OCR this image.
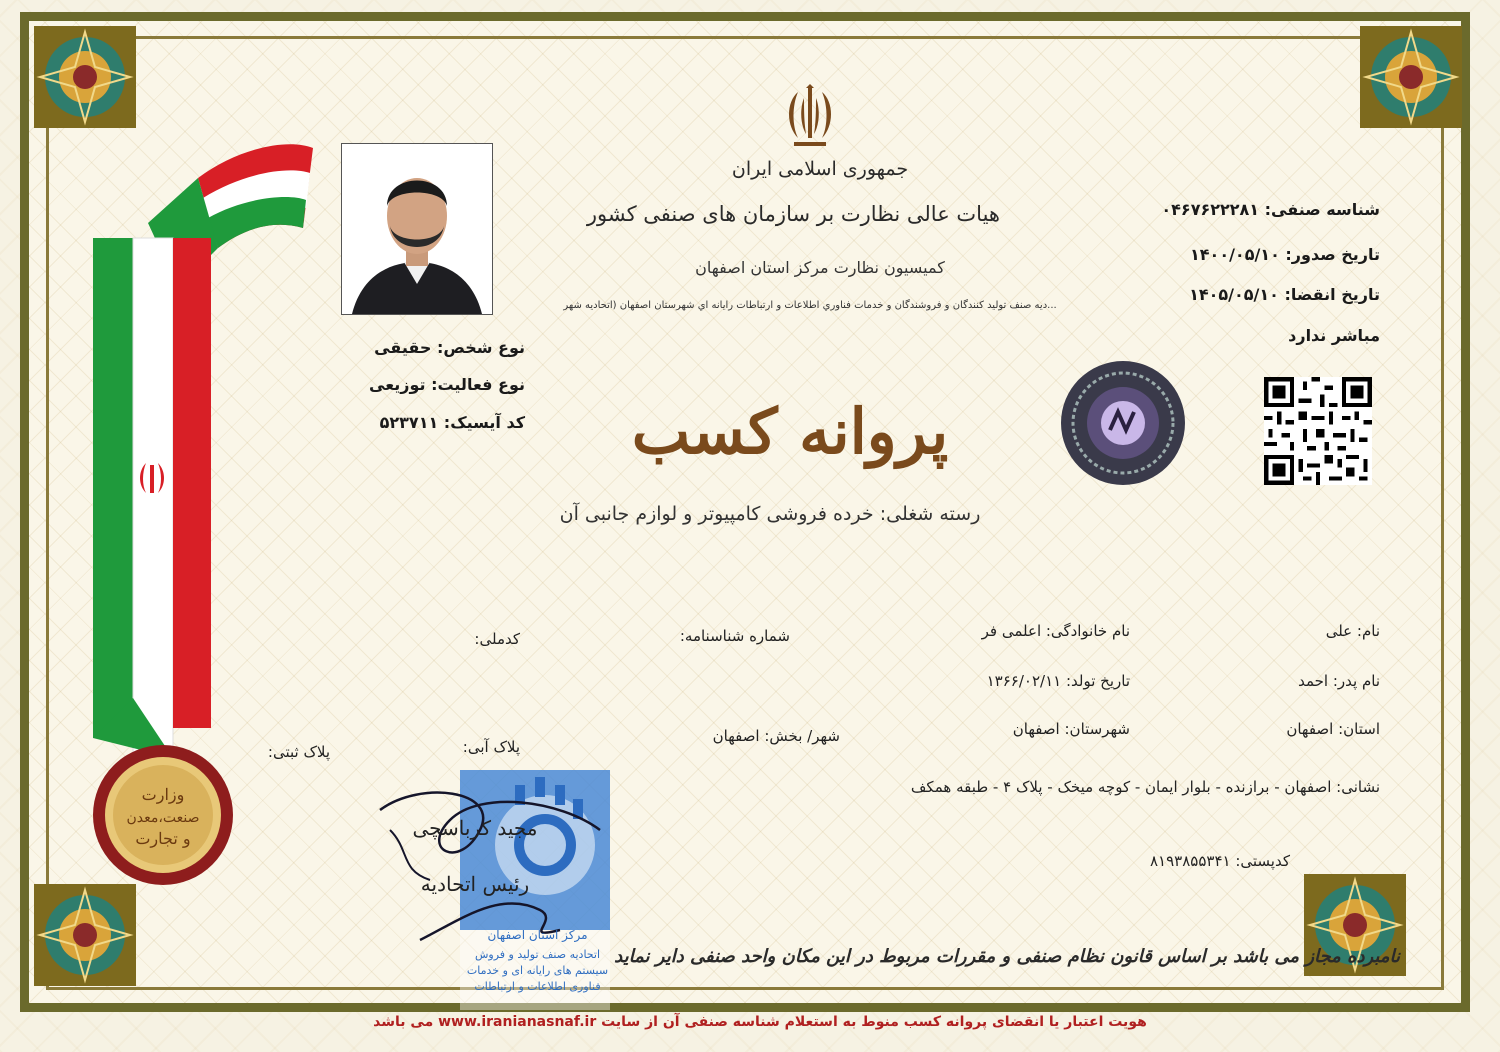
وزارت
صنعت،معدن
و تجارت
جمهوری اسلامی ایران
هیات عالی نظارت بر سازمان های صنفی کشور
کمیسیون نظارت مرکز استان اصفهان
...دیه صنف تولید کنندگان و فروشندگان و خدمات فناوري اطلاعات و ارتباطات رايانه اي شهرستان اصفهان (اتحادیه شهر
شناسه صنفی: ۰۴۶۷۶۲۲۲۸۱
تاریخ صدور: ۱۴۰۰/۰۵/۱۰
تاریخ انقضا: ۱۴۰۵/۰۵/۱۰
مباشر ندارد
نوع شخص: حقیقی
نوع فعالیت: توزیعی
کد آیسیک: ۵۲۳۷۱۱	پروانه کسب
رسته شغلی: خرده فروشی کامپیوتر و لوازم جانبی آن
نام: علی
نام خانوادگی: اعلمی فر
شماره شناسنامه:
کدملی:
نام پدر: احمد
تاریخ تولد: ۱۳۶۶/۰۲/۱۱
استان: اصفهان
شهرستان: اصفهان
شهر/ بخش: اصفهان
پلاک آبی:
پلاک ثبتی:
نشانی: اصفهان - برازنده - بلوار ایمان - کوچه میخک - پلاک ۴ - طبقه همکف
کدپستی: ۸۱۹۳۸۵۵۳۴۱
مجید کرباسچی
رئیس اتحادیه
مرکز استان اصفهان
اتحادیه صنف تولید و فروش
سیستم های رایانه ای و خدمات
فناوری اطلاعات و ارتباطات
نامبرده مجاز می باشد بر اساس قانون نظام صنفی و مقررات مربوط در این مکان واحد صنفی دایر نماید
هویت اعتبار یا انقضای پروانه کسب منوط به استعلام شناسه صنفی آن از سایت www.iranianasnaf.ir می باشد
